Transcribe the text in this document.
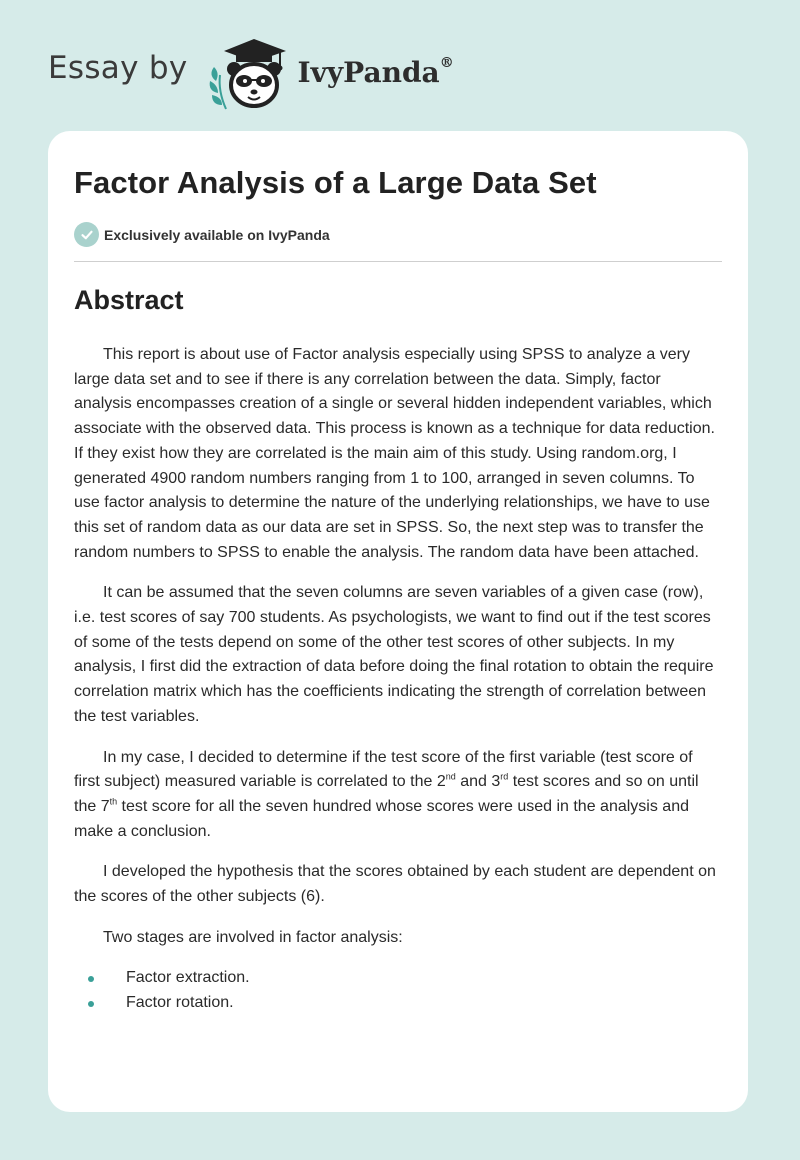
Essay by	IvyPanda®
Factor Analysis of a Large Data Set
Exclusively available on IvyPanda
Abstract

This report is about use of Factor analysis especially using SPSS to analyze a very large data set and to see if there is any correlation between the data. Simply, factor analysis encompasses creation of a single or several hidden independent variables, which associate with the observed data. This process is known as a technique for data reduction. If they exist how they are correlated is the main aim of this study. Using random.org, I generated 4900 random numbers ranging from 1 to 100, arranged in seven columns. To use factor analysis to determine the nature of the underlying relationships, we have to use this set of random data as our data are set in SPSS. So, the next step was to transfer the random numbers to SPSS to enable the analysis. The random data have been attached.

It can be assumed that the seven columns are seven variables of a given case (row), i.e. test scores of say 700 students. As psychologists, we want to find out if the test scores of some of the tests depend on some of the other test scores of other subjects. In my analysis, I first did the extraction of data before doing the final rotation to obtain the require correlation matrix which has the coefficients indicating the strength of correlation between the test variables.

In my case, I decided to determine if the test score of the first variable (test score of first subject) measured variable is correlated to the 2nd and 3rd test scores and so on until the 7th test score for all the seven hundred whose scores were used in the analysis and make a conclusion.

I developed the hypothesis that the scores obtained by each student are dependent on the scores of the other subjects (6).

Two stages are involved in factor analysis:

Factor extraction.
Factor rotation.
